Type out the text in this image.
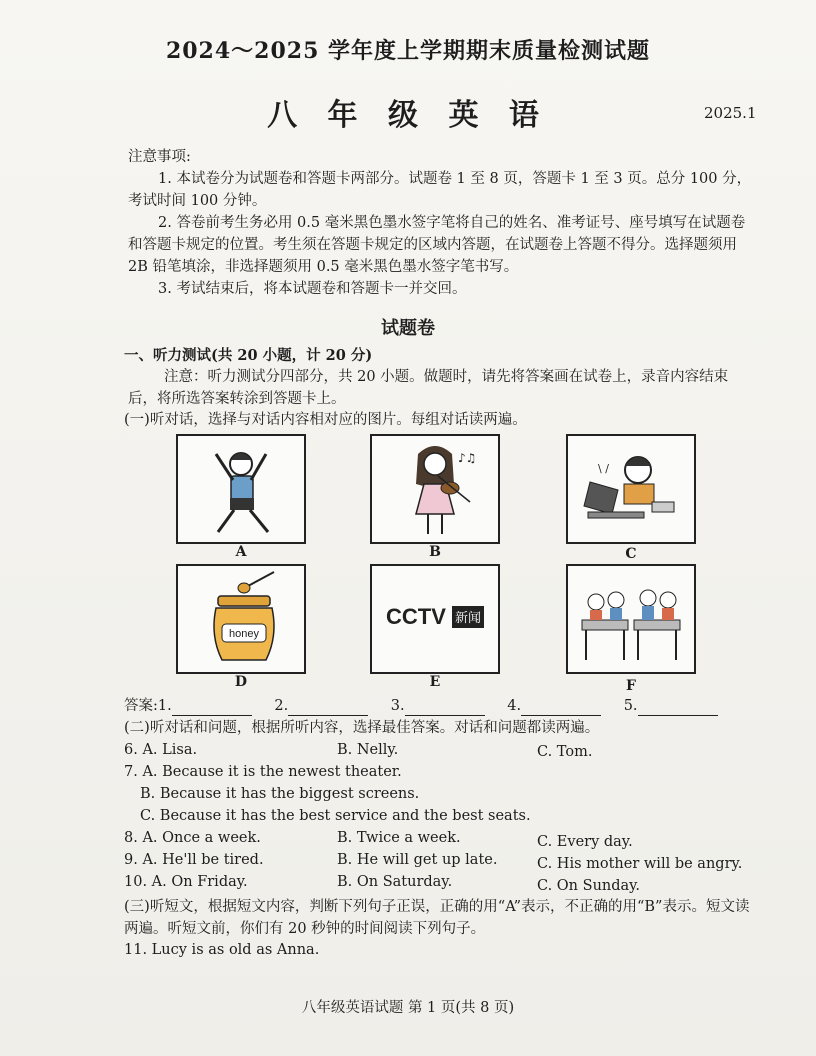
2024～2025 学年度上学期期末质量检测试题
八 年 级 英 语	2025.1
注意事项:
1. 本试卷分为试题卷和答题卡两部分。试题卷 1 至 8 页，答题卡 1 至 3 页。总分 100 分，考试时间 100 分钟。
2. 答卷前考生务必用 0.5 毫米黑色墨水签字笔将自己的姓名、准考证号、座号填写在试题卷和答题卡规定的位置。考生须在答题卡规定的区域内答题，在试题卷上答题不得分。选择题须用 2B 铅笔填涂，非选择题须用 0.5 毫米黑色墨水签字笔书写。
3. 考试结束后，将本试题卷和答题卡一并交回。
试题卷
一、听力测试(共 20 小题，计 20 分)
注意：听力测试分四部分，共 20 小题。做题时，请先将答案画在试卷上，录音内容结束后，将所选答案转涂到答题卡上。
(一)听对话，选择与对话内容相对应的图片。每组对话读两遍。
A
♪♫
B
\ /
C
honey
D
CCTV 新闻
E	F
答案:1.	2.	3.	4.	5.
(二)听对话和问题，根据所听内容，选择最佳答案。对话和问题都读两遍。
6. A. Lisa.	B. Nelly.	C. Tom.
7. A. Because it is the newest theater.
B. Because it has the biggest screens.
C. Because it has the best service and the best seats.
8. A. Once a week.	B. Twice a week.	C. Every day.
9. A. He'll be tired.	B. He will get up late.	C. His mother will be angry.
10. A. On Friday.	B. On Saturday.	C. On Sunday.
(三)听短文，根据短文内容，判断下列句子正误，正确的用“A”表示，不正确的用“B”表示。短文读两遍。听短文前，你们有 20 秒钟的时间阅读下列句子。
11. Lucy is as old as Anna.
八年级英语试题 第 1 页(共 8 页)
